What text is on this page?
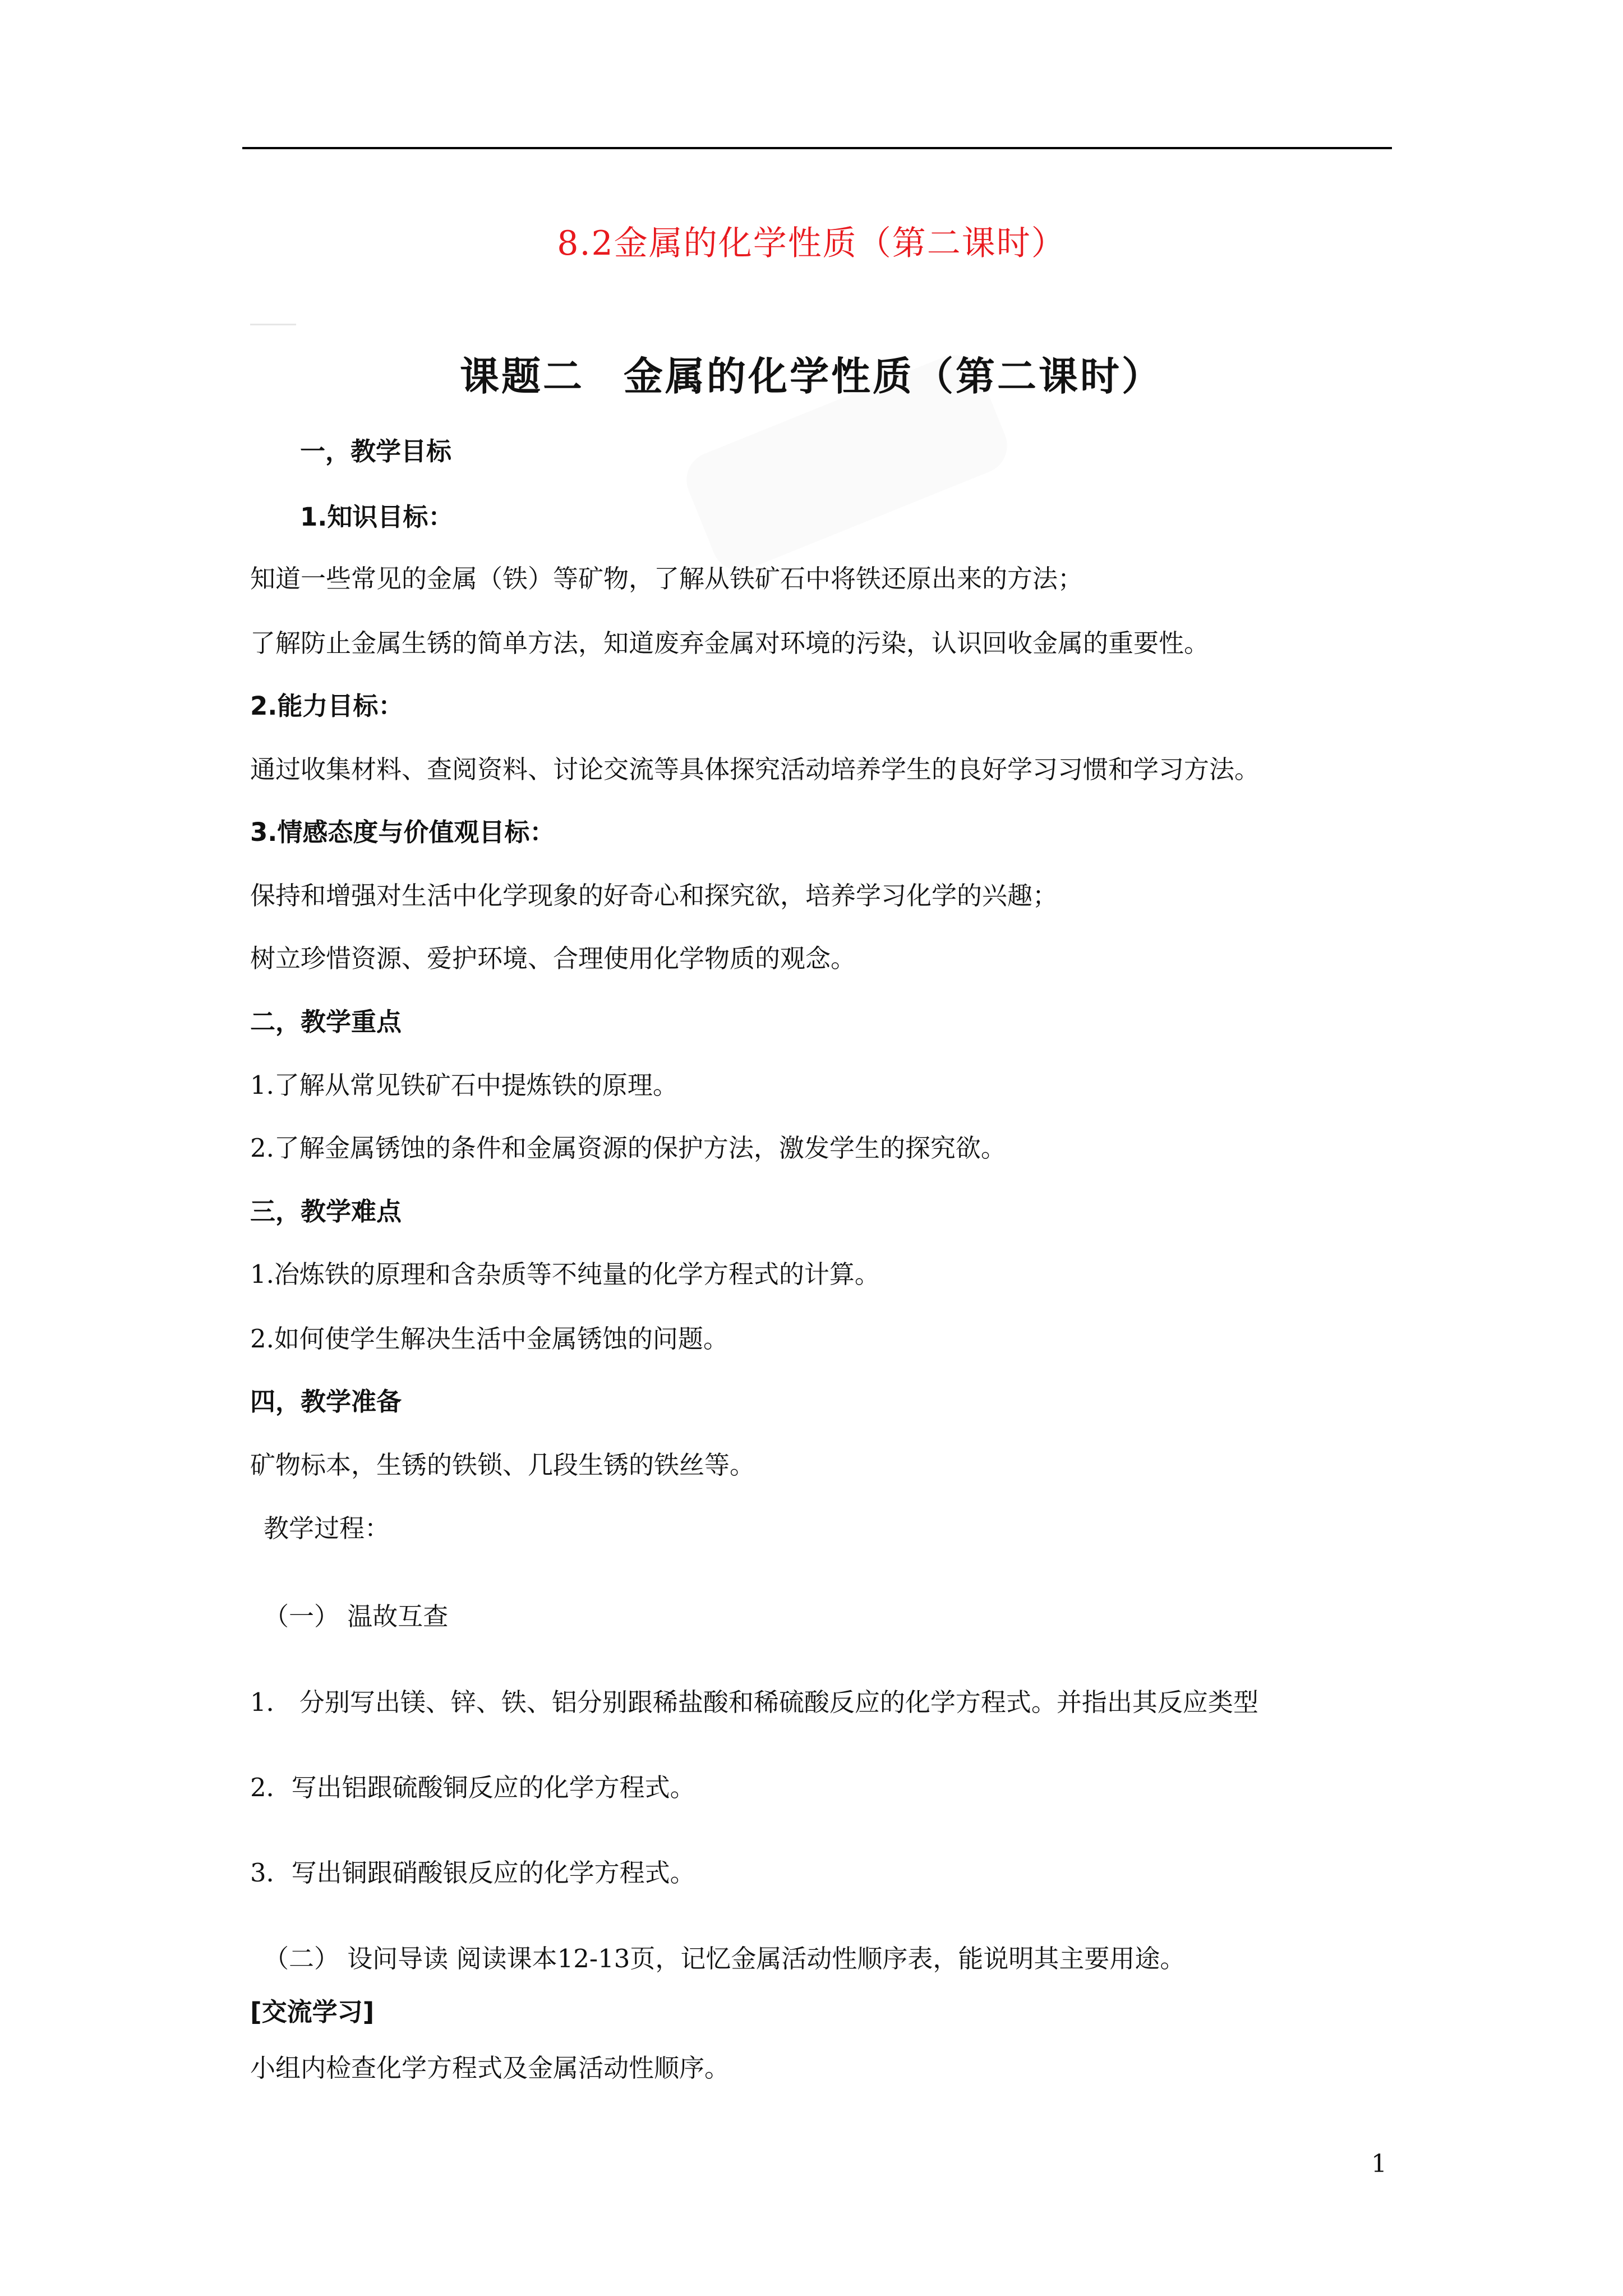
8.2金属的化学性质（第二课时）
课题二 金属的化学性质（第二课时）
一，教学目标
1.知识目标：
知道一些常见的金属（铁）等矿物，了解从铁矿石中将铁还原出来的方法；
了解防止金属生锈的简单方法，知道废弃金属对环境的污染，认识回收金属的重要性。
2.能力目标：
通过收集材料、查阅资料、讨论交流等具体探究活动培养学生的良好学习习惯和学习方法。
3.情感态度与价值观目标：
保持和增强对生活中化学现象的好奇心和探究欲，培养学习化学的兴趣；
树立珍惜资源、爱护环境、合理使用化学物质的观念。
二，教学重点
1.了解从常见铁矿石中提炼铁的原理。
2.了解金属锈蚀的条件和金属资源的保护方法，激发学生的探究欲。
三，教学难点
1.冶炼铁的原理和含杂质等不纯量的化学方程式的计算。
2.如何使学生解决生活中金属锈蚀的问题。
四，教学准备
矿物标本，生锈的铁锁、几段生锈的铁丝等。
教学过程：
（一） 温故互查
1． 分别写出镁、锌、铁、铝分别跟稀盐酸和稀硫酸反应的化学方程式。并指出其反应类型
2．写出铝跟硫酸铜反应的化学方程式。
3．写出铜跟硝酸银反应的化学方程式。
（二） 设问导读 阅读课本12-13页，记忆金属活动性顺序表，能说明其主要用途。
[交流学习]
小组内检查化学方程式及金属活动性顺序。
1
